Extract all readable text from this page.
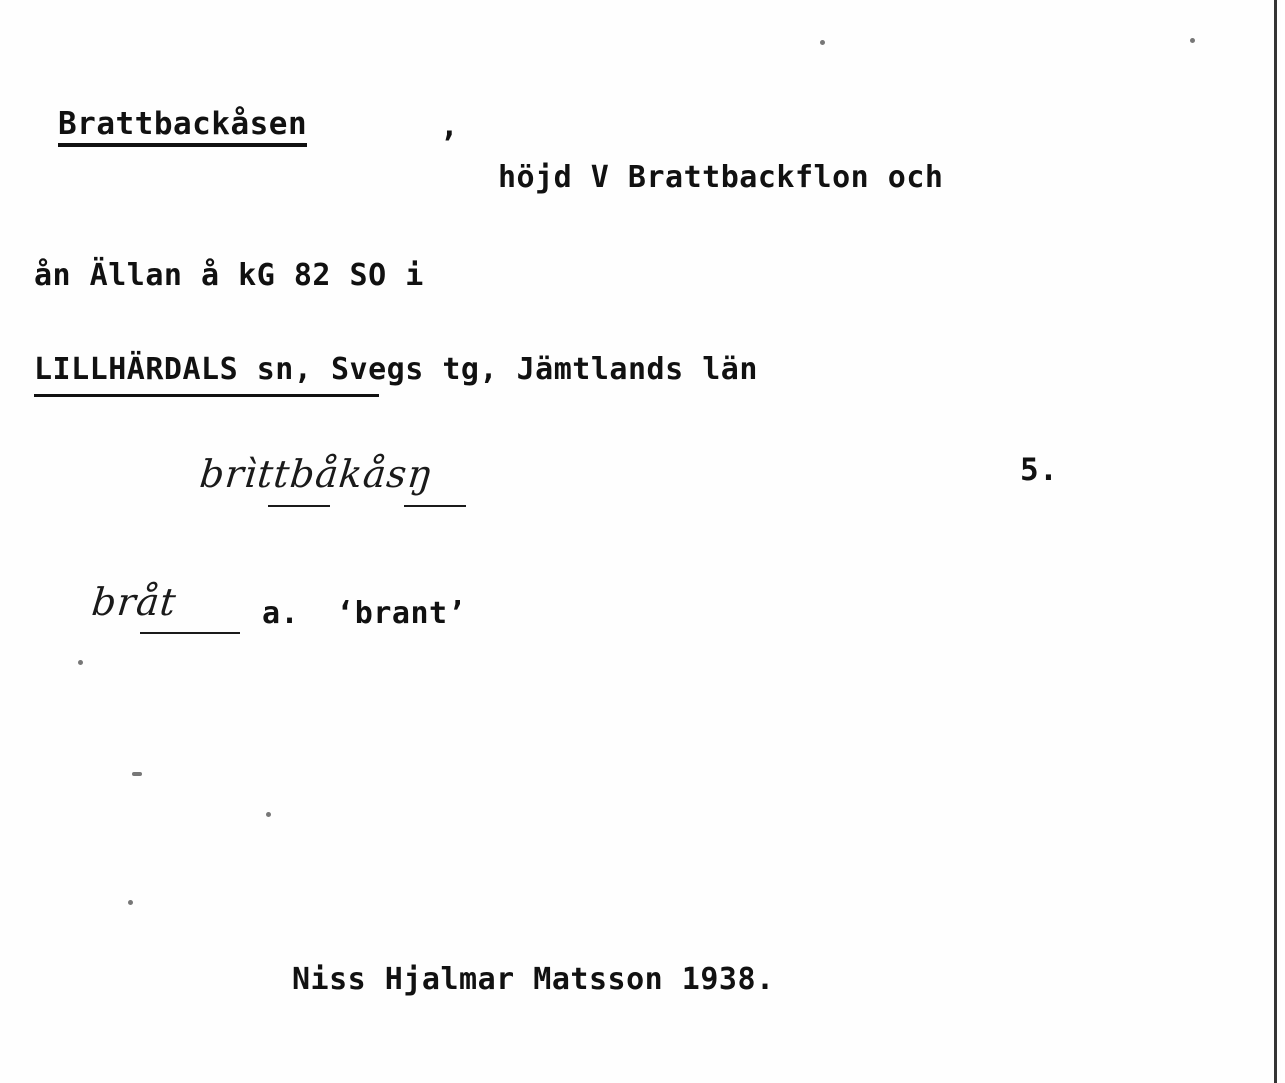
Brattbackåsen	,
höjd V Brattbackflon och
ån Ällan å kG 82 SO i
LILLHÄRDALS sn, Svegs tg, Jämtlands län
brìttbåkåsŋ	5.
bråt	a.  ‘brant’
Niss Hjalmar Matsson 1938.
